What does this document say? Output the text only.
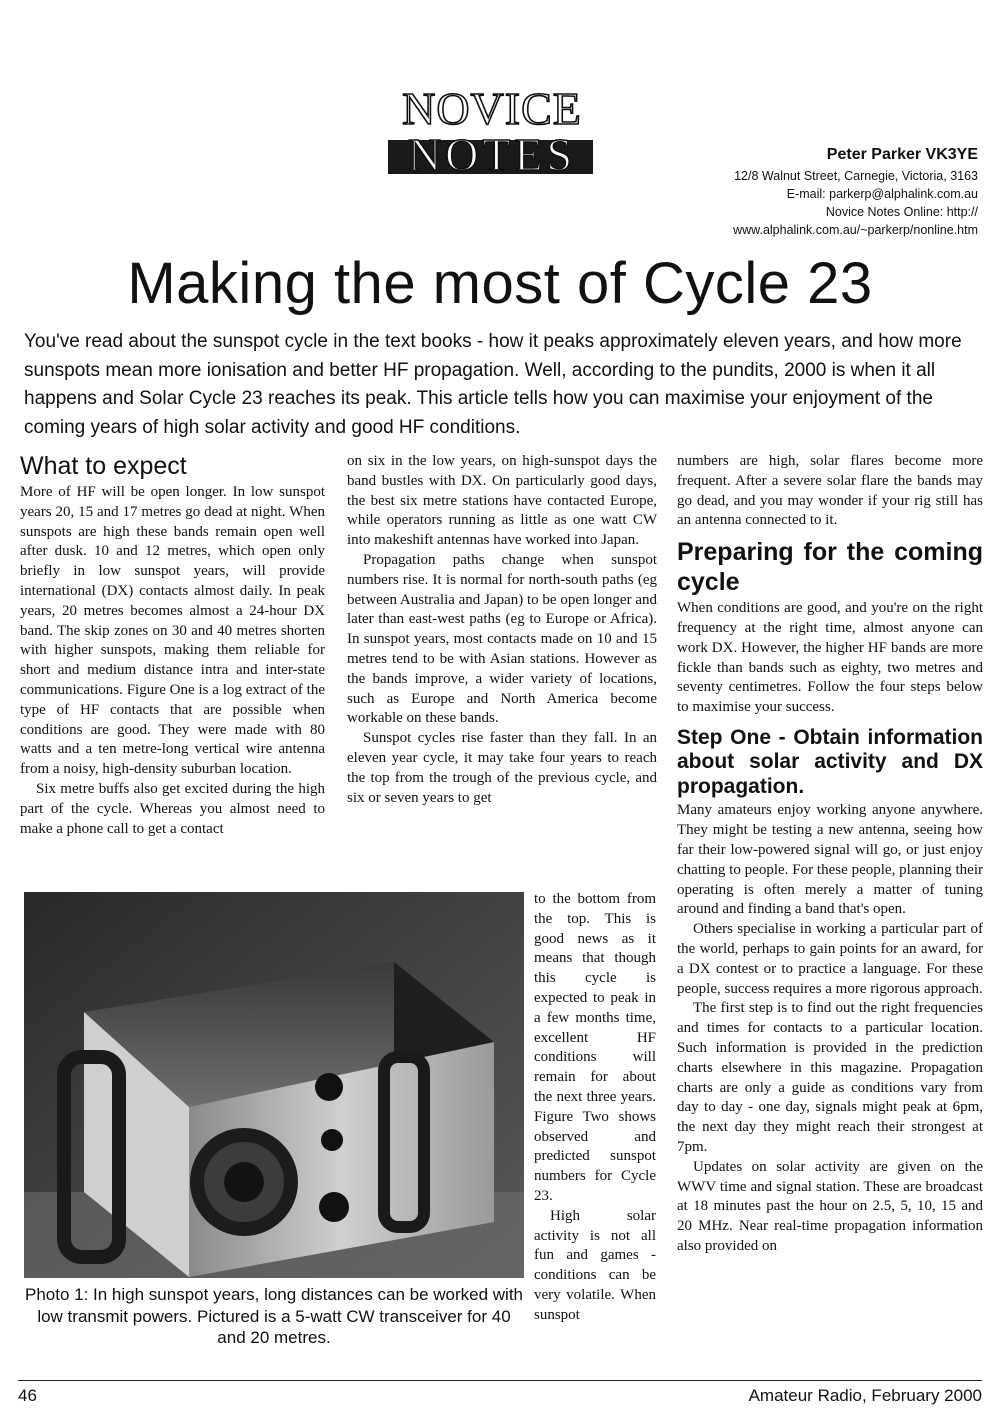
NOVICE
NOTES	Peter Parker VK3YE
12/8 Walnut Street, Carnegie, Victoria, 3163
E-mail: parkerp@alphalink.com.au
Novice Notes Online: http://
www.alphalink.com.au/~parkerp/nonline.htm
Making the most of Cycle 23
You've read about the sunspot cycle in the text books - how it peaks approximately eleven years, and how more sunspots mean more ionisation and better HF propagation. Well, according to the pundits, 2000 is when it all happens and Solar Cycle 23 reaches its peak. This article tells how you can maximise your enjoyment of the coming years of high solar activity and good HF conditions.
What to expect

More of HF will be open longer. In low sunspot years 20, 15 and 17 metres go dead at night. When sunspots are high these bands remain open well after dusk. 10 and 12 metres, which open only briefly in low sunspot years, will provide international (DX) contacts almost daily. In peak years, 20 metres becomes almost a 24-hour DX band. The skip zones on 30 and 40 metres shorten with higher sunspots, making them reliable for short and medium distance intra and inter-state communications. Figure One is a log extract of the type of HF contacts that are possible when conditions are good. They were made with 80 watts and a ten metre-long vertical wire antenna from a noisy, high-density suburban location.

Six metre buffs also get excited during the high part of the cycle. Whereas you almost need to make a phone call to get a contact

on six in the low years, on high-sunspot days the band bustles with DX. On particularly good days, the best six metre stations have contacted Europe, while operators running as little as one watt CW into makeshift antennas have worked into Japan.

Propagation paths change when sunspot numbers rise. It is normal for north-south paths (eg between Australia and Japan) to be open longer and later than east-west paths (eg to Europe or Africa). In sunspot years, most contacts made on 10 and 15 metres tend to be with Asian stations. However as the bands improve, a wider variety of locations, such as Europe and North America become workable on these bands.

Sunspot cycles rise faster than they fall. In an eleven year cycle, it may take four years to reach the top from the trough of the previous cycle, and six or seven years to get

to the bottom from the top. This is good news as it means that though this cycle is expected to peak in a few months time, excellent HF conditions will remain for about the next three years. Figure Two shows observed and predicted sunspot numbers for Cycle 23.

High solar activity is not all fun and games - conditions can be very volatile. When sunspot

numbers are high, solar flares become more frequent. After a severe solar flare the bands may go dead, and you may wonder if your rig still has an antenna connected to it.

Preparing for the coming cycle

When conditions are good, and you're on the right frequency at the right time, almost anyone can work DX. However, the higher HF bands are more fickle than bands such as eighty, two metres and seventy centimetres. Follow the four steps below to maximise your success.

Step One - Obtain information about solar activity and DX propagation.

Many amateurs enjoy working anyone anywhere. They might be testing a new antenna, seeing how far their low-powered signal will go, or just enjoy chatting to people. For these people, planning their operating is often merely a matter of tuning around and finding a band that's open.

Others specialise in working a particular part of the world, perhaps to gain points for an award, for a DX contest or to practice a language. For these people, success requires a more rigorous approach.

The first step is to find out the right frequencies and times for contacts to a particular location. Such information is provided in the prediction charts elsewhere in this magazine. Propagation charts are only a guide as conditions vary from day to day - one day, signals might peak at 6pm, the next day they might reach their strongest at 7pm.

Updates on solar activity are given on the WWV time and signal station. These are broadcast at 18 minutes past the hour on 2.5, 5, 10, 15 and 20 MHz. Near real-time propagation information also provided on

Photo 1: In high sunspot years, long distances can be worked with low transmit powers. Pictured is a 5-watt CW transceiver for 40 and 20 metres.
46	Amateur Radio, February 2000
